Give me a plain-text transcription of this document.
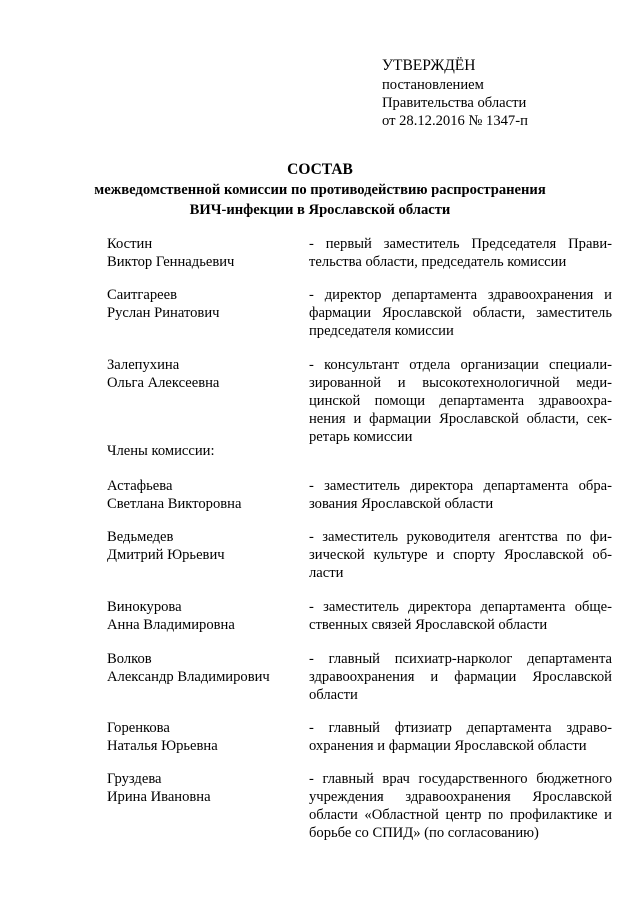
УТВЕРЖДЁН
постановлением
Правительства области
от 28.12.2016 № 1347-п
СОСТАВ
межведомственной комиссии по противодействию распространения
ВИЧ-инфекции в Ярославской области
Костин
Виктор Геннадьевич
- первый заместитель Председателя Прави-
тельства области, председатель комиссии
Саитгареев
Руслан Ринатович
- директор департамента здравоохранения и
фармации Ярославской области, заместитель
председателя комиссии
Залепухина
Ольга Алексеевна
- консультант отдела организации специали-
зированной и высокотехнологичной меди-
цинской помощи департамента здравоохра-
нения и фармации Ярославской области, сек-
ретарь комиссии
Члены комиссии:
Астафьева
Светлана Викторовна
- заместитель директора департамента обра-
зования Ярославской области
Ведьмедев
Дмитрий Юрьевич
- заместитель руководителя агентства по фи-
зической культуре и спорту Ярославской об-
ласти
Винокурова
Анна Владимировна
- заместитель директора департамента обще-
ственных связей Ярославской области
Волков
Александр Владимирович
- главный психиатр-нарколог департамента
здравоохранения и фармации Ярославской
области
Горенкова
Наталья Юрьевна
- главный фтизиатр департамента здраво-
охранения и фармации Ярославской области
Груздева
Ирина Ивановна
- главный врач государственного бюджетного
учреждения здравоохранения Ярославской
области «Областной центр по профилактике и
борьбе со СПИД» (по согласованию)
